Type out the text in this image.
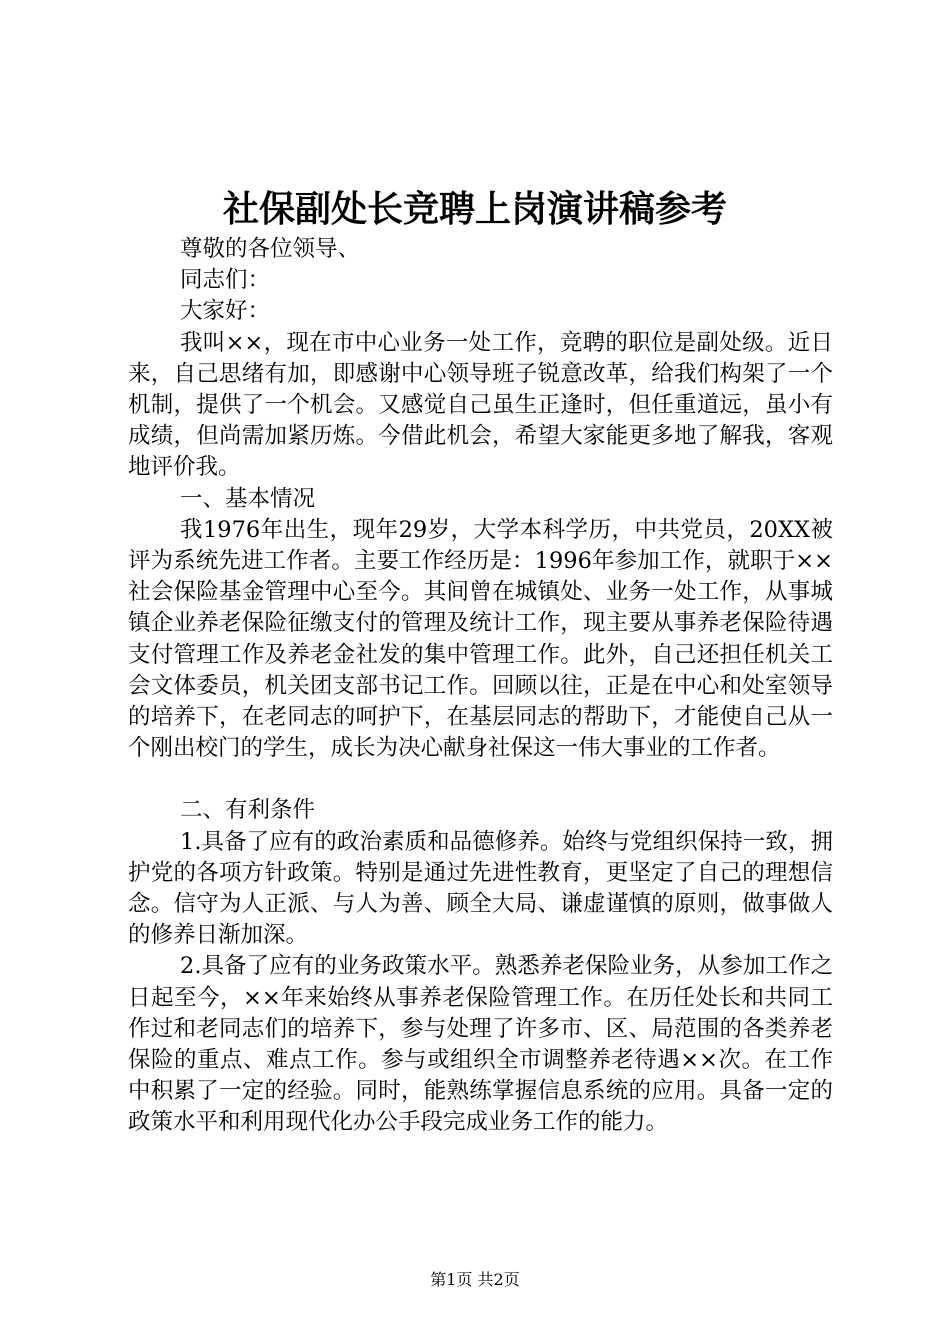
社保副处长竞聘上岗演讲稿参考

尊敬的各位领导、

同志们：

大家好：

我叫××，现在市中心业务一处工作，竞聘的职位是副处级。近日来，自己思绪有加，即感谢中心领导班子锐意改革，给我们构架了一个机制，提供了一个机会。又感觉自己虽生正逢时，但任重道远，虽小有成绩，但尚需加紧历炼。今借此机会，希望大家能更多地了解我，客观地评价我。

一、基本情况

我1976年出生，现年29岁，大学本科学历，中共党员，20XX被评为系统先进工作者。主要工作经历是：1996年参加工作，就职于××社会保险基金管理中心至今。其间曾在城镇处、业务一处工作，从事城镇企业养老保险征缴支付的管理及统计工作，现主要从事养老保险待遇支付管理工作及养老金社发的集中管理工作。此外，自己还担任机关工会文体委员，机关团支部书记工作。回顾以往，正是在中心和处室领导的培养下，在老同志的呵护下，在基层同志的帮助下，才能使自己从一个刚出校门的学生，成长为决心献身社保这一伟大事业的工作者。

二、有利条件

1.具备了应有的政治素质和品德修养。始终与党组织保持一致，拥护党的各项方针政策。特别是通过先进性教育，更坚定了自己的理想信念。信守为人正派、与人为善、顾全大局、谦虚谨慎的原则，做事做人的修养日渐加深。

2.具备了应有的业务政策水平。熟悉养老保险业务，从参加工作之日起至今，××年来始终从事养老保险管理工作。在历任处长和共同工作过和老同志们的培养下，参与处理了许多市、区、局范围的各类养老保险的重点、难点工作。参与或组织全市调整养老待遇××次。在工作中积累了一定的经验。同时，能熟练掌握信息系统的应用。具备一定的政策水平和利用现代化办公手段完成业务工作的能力。

第1页 共2页
